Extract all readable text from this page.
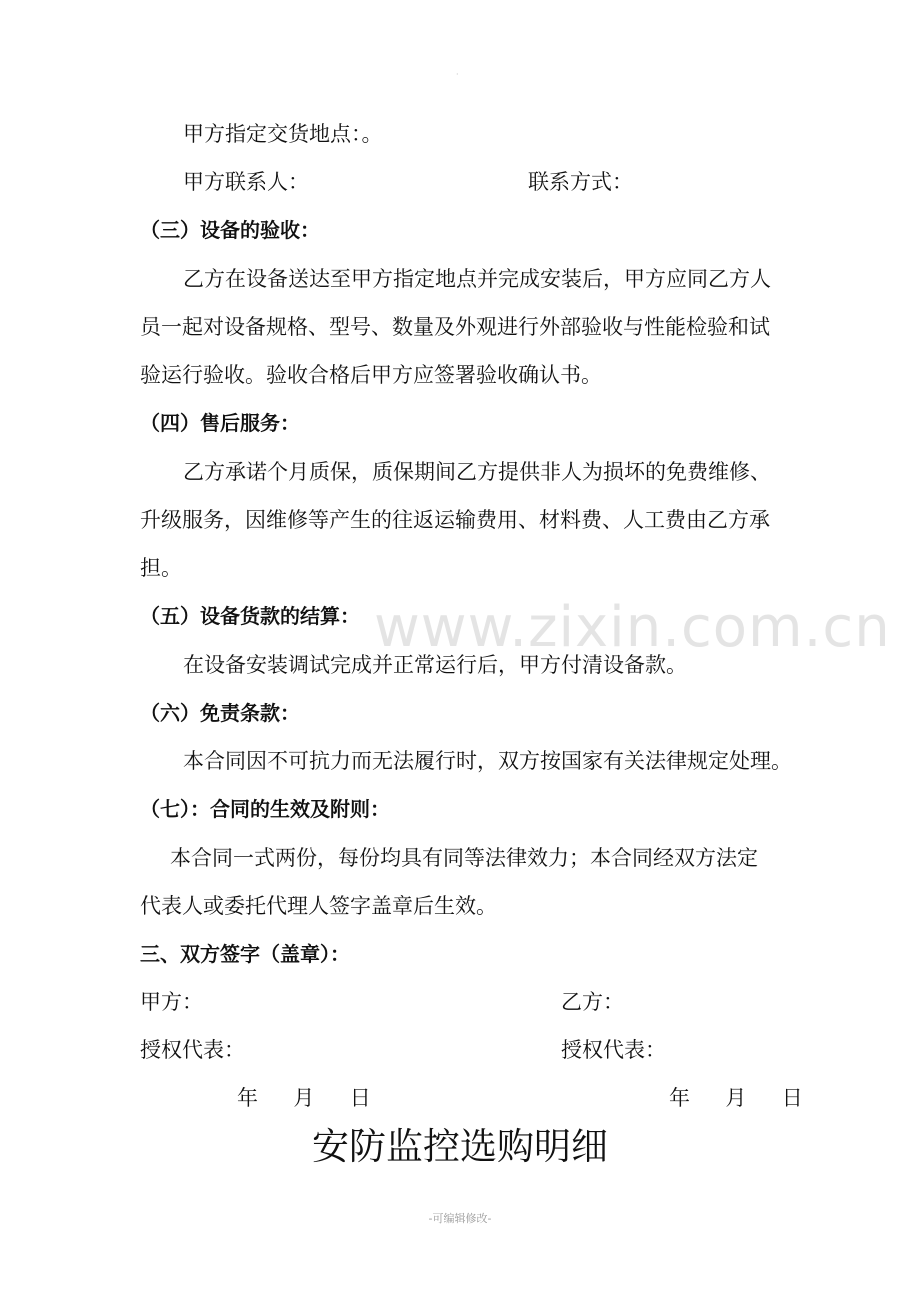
·
www.zixin.com.cn
甲方指定交货地点：。
甲方联系人：	联系方式：
（三）设备的验收：
乙方在设备送达至甲方指定地点并完成安装后，甲方应同乙方人
员一起对设备规格、型号、数量及外观进行外部验收与性能检验和试
验运行验收。验收合格后甲方应签署验收确认书。
（四）售后服务：
乙方承诺个月质保，质保期间乙方提供非人为损坏的免费维修、
升级服务，因维修等产生的往返运输费用、材料费、人工费由乙方承
担。
（五）设备货款的结算：
在设备安装调试完成并正常运行后，甲方付清设备款。
（六）免责条款：
本合同因不可抗力而无法履行时，双方按国家有关法律规定处理。
（七）：合同的生效及附则：
本合同一式两份，每份均具有同等法律效力；本合同经双方法定
代表人或委托代理人签字盖章后生效。
三、双方签字（盖章）：
甲方：	乙方：
授权代表：	授权代表：
年 月 日	年 月 日
安防监控选购明细
-可编辑修改-
